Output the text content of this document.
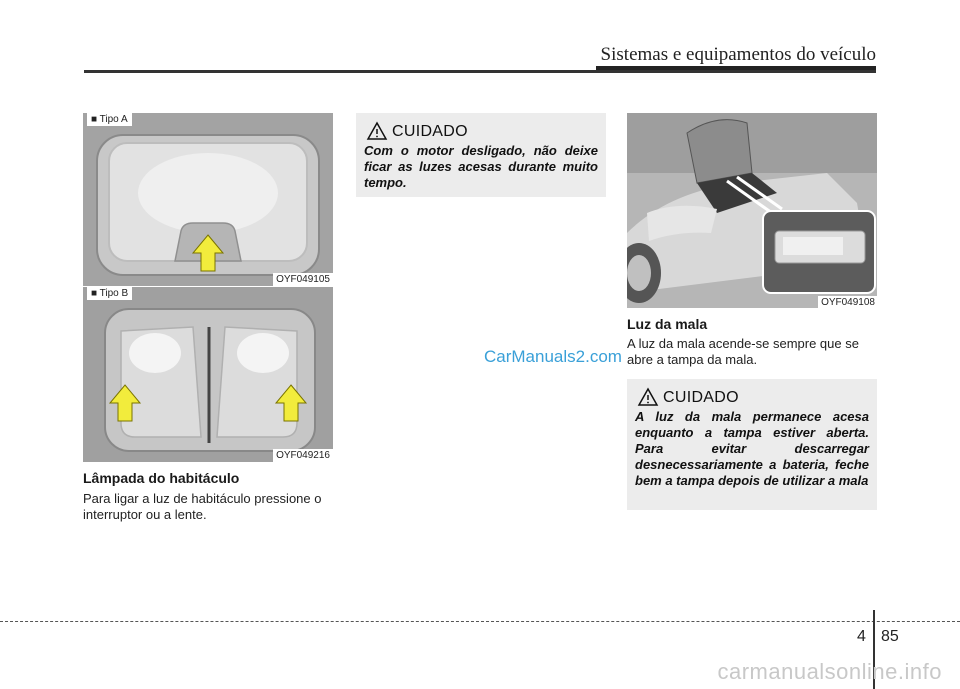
Sistemas e equipamentos do veículo
■ Tipo A
OYF049105
■ Tipo B
OYF049216
Lâmpada do habitáculo
Para ligar a luz de habitáculo pressione o interruptor ou a lente.
CUIDADO
Com o motor desligado, não deixe ficar as luzes acesas durante muito tempo.
CarManuals2.com
OYF049108
Luz da mala
A luz da mala acende-se sempre que se abre a tampa da mala.
CUIDADO
A luz da mala permanece acesa enquanto a tampa estiver aberta. Para evitar descarregar desnecessariamente a bateria, feche bem a tampa depois de utilizar a mala
4 85
carmanualsonline.info
